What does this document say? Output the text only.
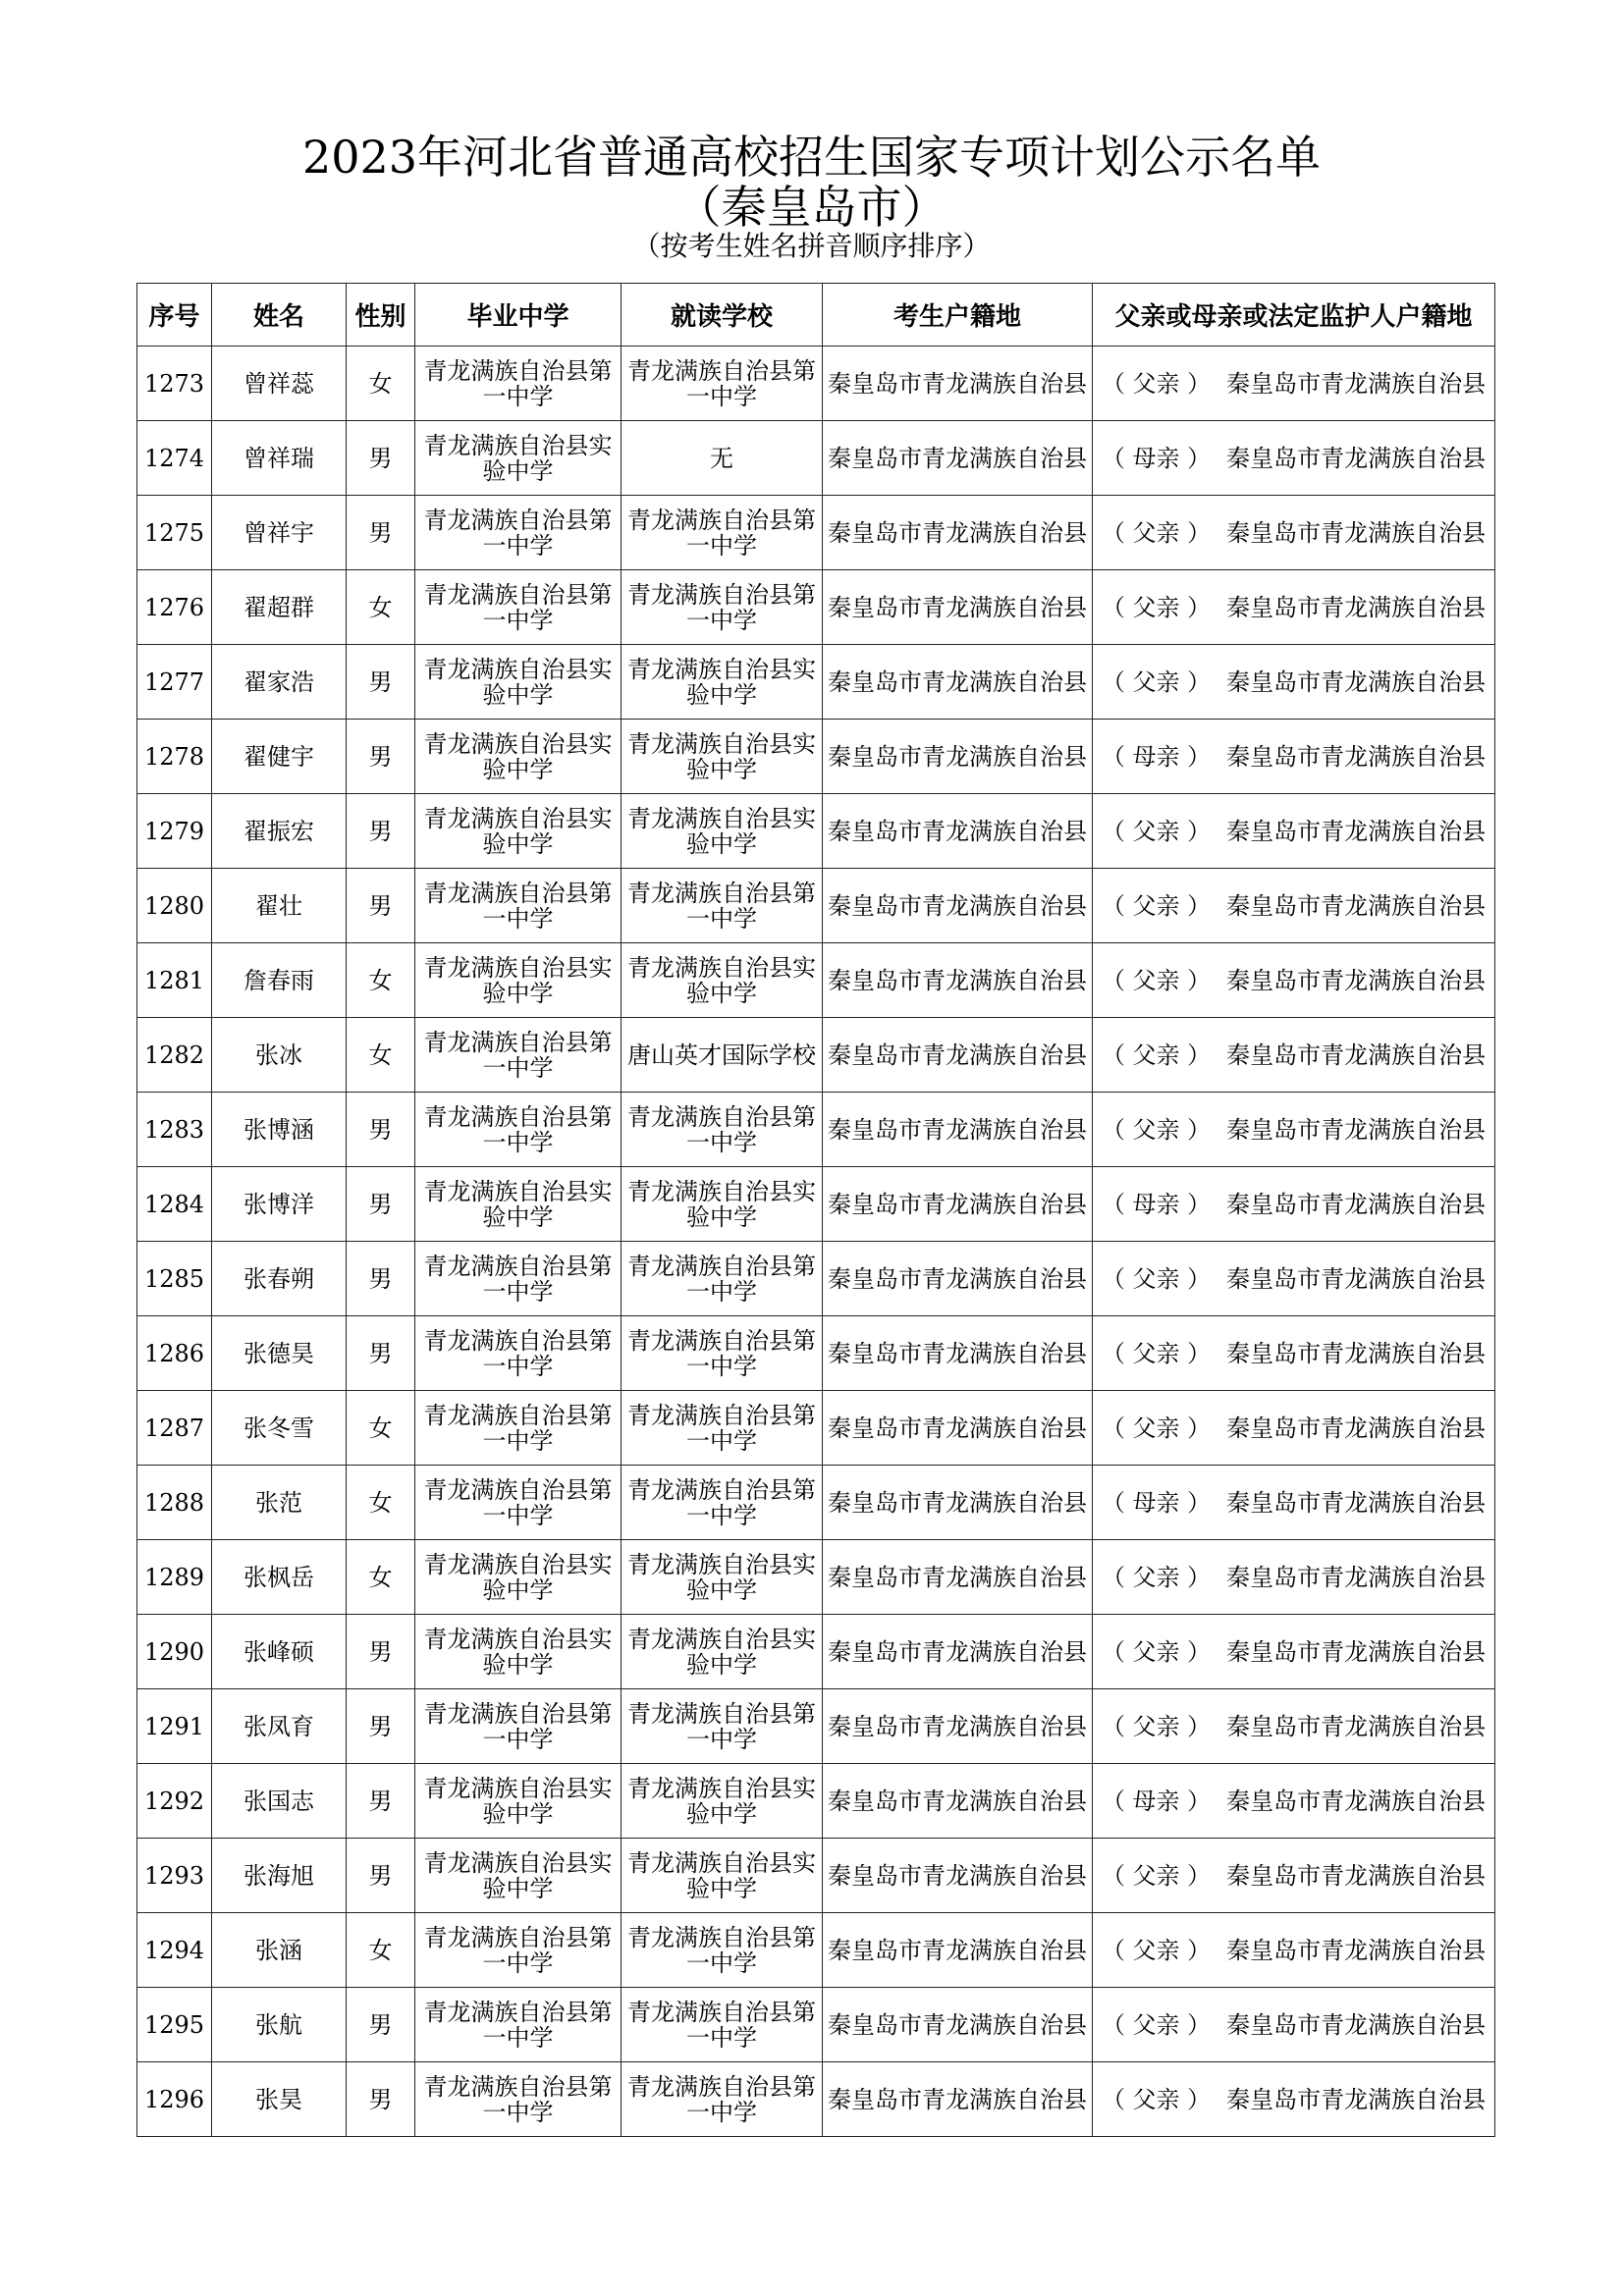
2023年河北省普通高校招生国家专项计划公示名单
（秦皇岛市）
（按考生姓名拼音顺序排序）
序号	姓名	性别	毕业中学	就读学校	考生户籍地	父亲或母亲或法定监护人户籍地
1273	曾祥蕊	女	青龙满族自治县第一中学	青龙满族自治县第一中学	秦皇岛市青龙满族自治县	（ 父亲 ） 秦皇岛市青龙满族自治县
1274	曾祥瑞	男	青龙满族自治县实验中学	无	秦皇岛市青龙满族自治县	（ 母亲 ） 秦皇岛市青龙满族自治县
1275	曾祥宇	男	青龙满族自治县第一中学	青龙满族自治县第一中学	秦皇岛市青龙满族自治县	（ 父亲 ） 秦皇岛市青龙满族自治县
1276	翟超群	女	青龙满族自治县第一中学	青龙满族自治县第一中学	秦皇岛市青龙满族自治县	（ 父亲 ） 秦皇岛市青龙满族自治县
1277	翟家浩	男	青龙满族自治县实验中学	青龙满族自治县实验中学	秦皇岛市青龙满族自治县	（ 父亲 ） 秦皇岛市青龙满族自治县
1278	翟健宇	男	青龙满族自治县实验中学	青龙满族自治县实验中学	秦皇岛市青龙满族自治县	（ 母亲 ） 秦皇岛市青龙满族自治县
1279	翟振宏	男	青龙满族自治县实验中学	青龙满族自治县实验中学	秦皇岛市青龙满族自治县	（ 父亲 ） 秦皇岛市青龙满族自治县
1280	翟壮	男	青龙满族自治县第一中学	青龙满族自治县第一中学	秦皇岛市青龙满族自治县	（ 父亲 ） 秦皇岛市青龙满族自治县
1281	詹春雨	女	青龙满族自治县实验中学	青龙满族自治县实验中学	秦皇岛市青龙满族自治县	（ 父亲 ） 秦皇岛市青龙满族自治县
1282	张冰	女	青龙满族自治县第一中学	唐山英才国际学校	秦皇岛市青龙满族自治县	（ 父亲 ） 秦皇岛市青龙满族自治县
1283	张博涵	男	青龙满族自治县第一中学	青龙满族自治县第一中学	秦皇岛市青龙满族自治县	（ 父亲 ） 秦皇岛市青龙满族自治县
1284	张博洋	男	青龙满族自治县实验中学	青龙满族自治县实验中学	秦皇岛市青龙满族自治县	（ 母亲 ） 秦皇岛市青龙满族自治县
1285	张春朔	男	青龙满族自治县第一中学	青龙满族自治县第一中学	秦皇岛市青龙满族自治县	（ 父亲 ） 秦皇岛市青龙满族自治县
1286	张德昊	男	青龙满族自治县第一中学	青龙满族自治县第一中学	秦皇岛市青龙满族自治县	（ 父亲 ） 秦皇岛市青龙满族自治县
1287	张冬雪	女	青龙满族自治县第一中学	青龙满族自治县第一中学	秦皇岛市青龙满族自治县	（ 父亲 ） 秦皇岛市青龙满族自治县
1288	张范	女	青龙满族自治县第一中学	青龙满族自治县第一中学	秦皇岛市青龙满族自治县	（ 母亲 ） 秦皇岛市青龙满族自治县
1289	张枫岳	女	青龙满族自治县实验中学	青龙满族自治县实验中学	秦皇岛市青龙满族自治县	（ 父亲 ） 秦皇岛市青龙满族自治县
1290	张峰硕	男	青龙满族自治县实验中学	青龙满族自治县实验中学	秦皇岛市青龙满族自治县	（ 父亲 ） 秦皇岛市青龙满族自治县
1291	张凤育	男	青龙满族自治县第一中学	青龙满族自治县第一中学	秦皇岛市青龙满族自治县	（ 父亲 ） 秦皇岛市青龙满族自治县
1292	张国志	男	青龙满族自治县实验中学	青龙满族自治县实验中学	秦皇岛市青龙满族自治县	（ 母亲 ） 秦皇岛市青龙满族自治县
1293	张海旭	男	青龙满族自治县实验中学	青龙满族自治县实验中学	秦皇岛市青龙满族自治县	（ 父亲 ） 秦皇岛市青龙满族自治县
1294	张涵	女	青龙满族自治县第一中学	青龙满族自治县第一中学	秦皇岛市青龙满族自治县	（ 父亲 ） 秦皇岛市青龙满族自治县
1295	张航	男	青龙满族自治县第一中学	青龙满族自治县第一中学	秦皇岛市青龙满族自治县	（ 父亲 ） 秦皇岛市青龙满族自治县
1296	张昊	男	青龙满族自治县第一中学	青龙满族自治县第一中学	秦皇岛市青龙满族自治县	（ 父亲 ） 秦皇岛市青龙满族自治县
